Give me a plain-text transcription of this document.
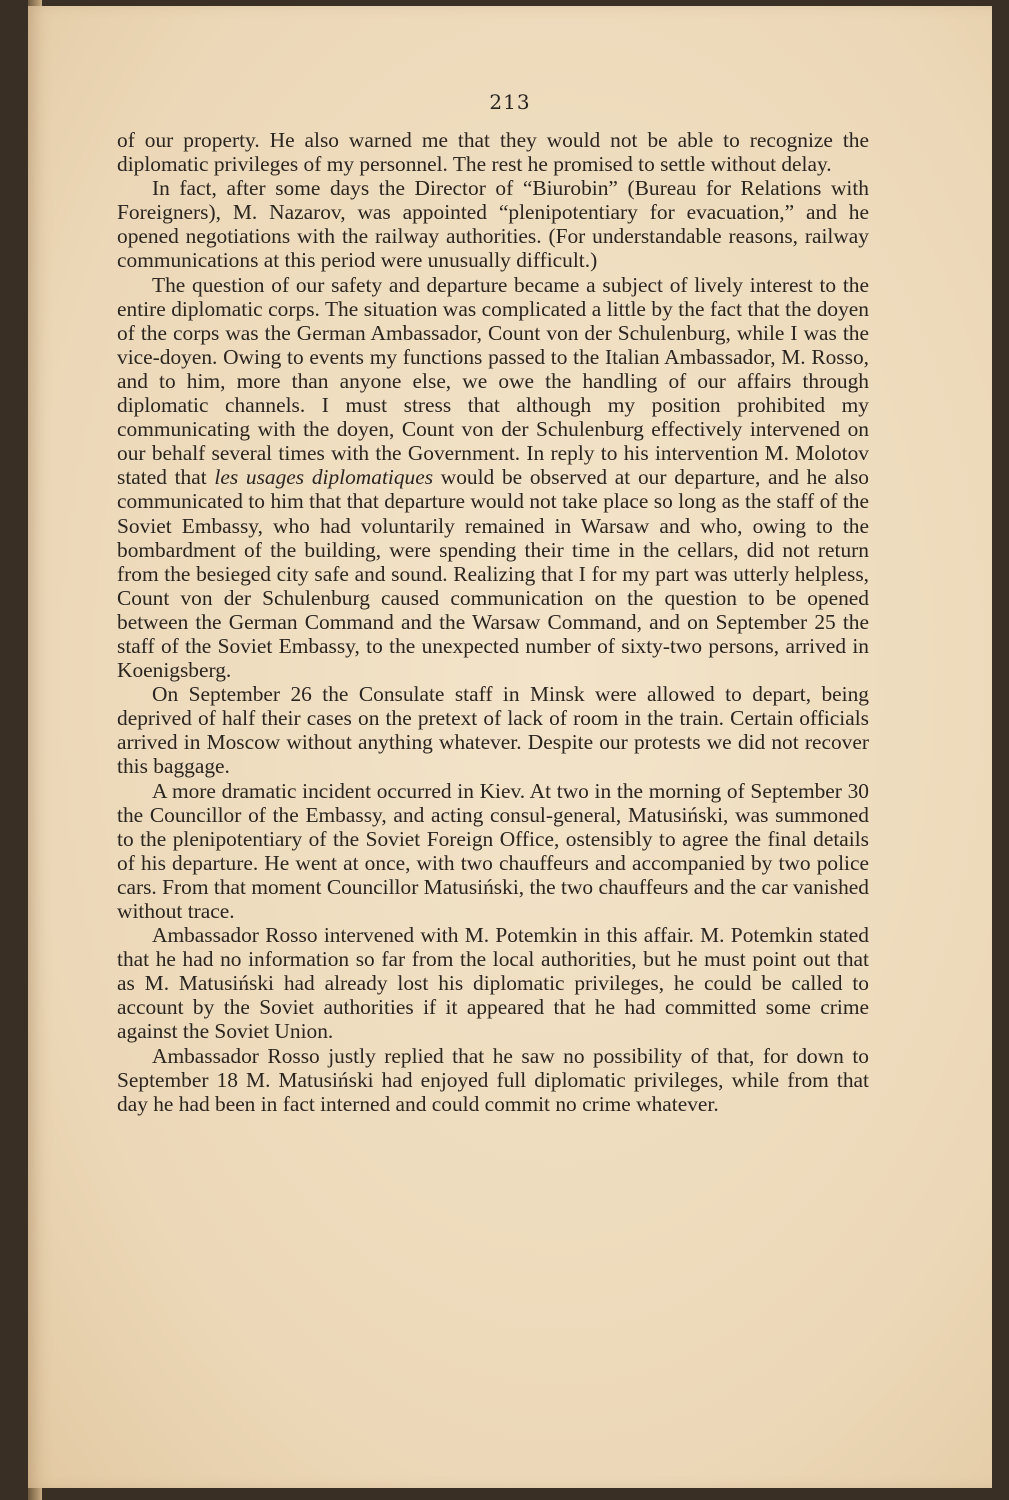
213

of our property. He also warned me that they would not be able to recognize the diplomatic privileges of my personnel. The rest he promised to settle without delay.

In fact, after some days the Director of “Biurobin” (Bureau for Relations with Foreigners), M. Nazarov, was appointed “plenipotentiary for evacuation,” and he opened negotiations with the railway authorities. (For understandable reasons, railway communications at this period were unusually difficult.)

The question of our safety and departure became a subject of lively interest to the entire diplomatic corps. The situation was complicated a little by the fact that the doyen of the corps was the German Ambassador, Count von der Schulenburg, while I was the vice-doyen. Owing to events my functions passed to the Italian Ambassador, M. Rosso, and to him, more than anyone else, we owe the handling of our affairs through diplomatic channels. I must stress that although my position prohibited my communicating with the doyen, Count von der Schulenburg effectively intervened on our behalf several times with the Government. In reply to his intervention M. Molotov stated that les usages diplomatiques would be observed at our departure, and he also communicated to him that that departure would not take place so long as the staff of the Soviet Embassy, who had voluntarily remained in Warsaw and who, owing to the bombardment of the building, were spending their time in the cellars, did not return from the besieged city safe and sound. Realizing that I for my part was utterly helpless, Count von der Schulenburg caused communication on the question to be opened between the German Command and the Warsaw Command, and on September 25 the staff of the Soviet Embassy, to the unexpected number of sixty-two persons, arrived in Koenigsberg.

On September 26 the Consulate staff in Minsk were allowed to depart, being deprived of half their cases on the pretext of lack of room in the train. Certain officials arrived in Moscow without anything whatever. Despite our protests we did not recover this baggage.

A more dramatic incident occurred in Kiev. At two in the morning of September 30 the Councillor of the Embassy, and acting consul-general, Matusiński, was summoned to the plenipotentiary of the Soviet Foreign Office, ostensibly to agree the final details of his departure. He went at once, with two chauffeurs and accompanied by two police cars. From that moment Councillor Matusiński, the two chauffeurs and the car vanished without trace.

Ambassador Rosso intervened with M. Potemkin in this affair. M. Potemkin stated that he had no information so far from the local authorities, but he must point out that as M. Matusiński had already lost his diplomatic privileges, he could be called to account by the Soviet authorities if it appeared that he had committed some crime against the Soviet Union.

Ambassador Rosso justly replied that he saw no possibility of that, for down to September 18 M. Matusiński had enjoyed full diplomatic privileges, while from that day he had been in fact interned and could commit no crime whatever.
